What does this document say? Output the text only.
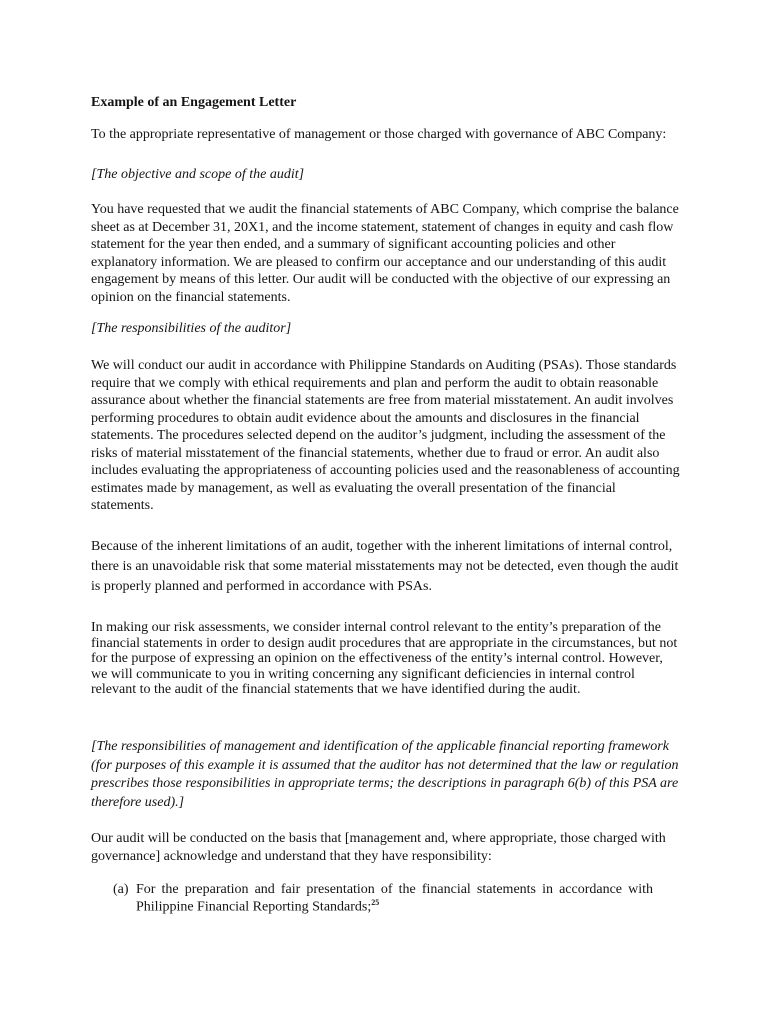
Example of an Engagement Letter

To the appropriate representative of management or those charged with governance of ABC Company:

[The objective and scope of the audit]

You have requested that we audit the financial statements of ABC Company, which comprise the balance sheet as at December 31, 20X1, and the income statement, statement of changes in equity and cash flow statement for the year then ended, and a summary of significant accounting policies and other explanatory information. We are pleased to confirm our acceptance and our understanding of this audit engagement by means of this letter. Our audit will be conducted with the objective of our expressing an opinion on the financial statements.

[The responsibilities of the auditor]

We will conduct our audit in accordance with Philippine Standards on Auditing (PSAs). Those standards require that we comply with ethical requirements and plan and perform the audit to obtain reasonable assurance about whether the financial statements are free from material misstatement. An audit involves performing procedures to obtain audit evidence about the amounts and disclosures in the financial statements. The procedures selected depend on the auditor’s judgment, including the assessment of the risks of material misstatement of the financial statements, whether due to fraud or error. An audit also includes evaluating the appropriateness of accounting policies used and the reasonableness of accounting estimates made by management, as well as evaluating the overall presentation of the financial statements.

Because of the inherent limitations of an audit, together with the inherent limitations of internal control, there is an unavoidable risk that some material misstatements may not be detected, even though the audit is properly planned and performed in accordance with PSAs.

In making our risk assessments, we consider internal control relevant to the entity’s preparation of the financial statements in order to design audit procedures that are appropriate in the circumstances, but not for the purpose of expressing an opinion on the effectiveness of the entity’s internal control. However, we will communicate to you in writing concerning any significant deficiencies in internal control relevant to the audit of the financial statements that we have identified during the audit.

[The responsibilities of management and identification of the applicable financial reporting framework (for purposes of this example it is assumed that the auditor has not determined that the law or regulation prescribes those responsibilities in appropriate terms; the descriptions in paragraph 6(b) of this PSA are therefore used).]

Our audit will be conducted on the basis that [management and, where appropriate, those charged with governance] acknowledge and understand that they have responsibility:

(a) For the preparation and fair presentation of the financial statements in accordance with Philippine Financial Reporting Standards;$^{25}$
